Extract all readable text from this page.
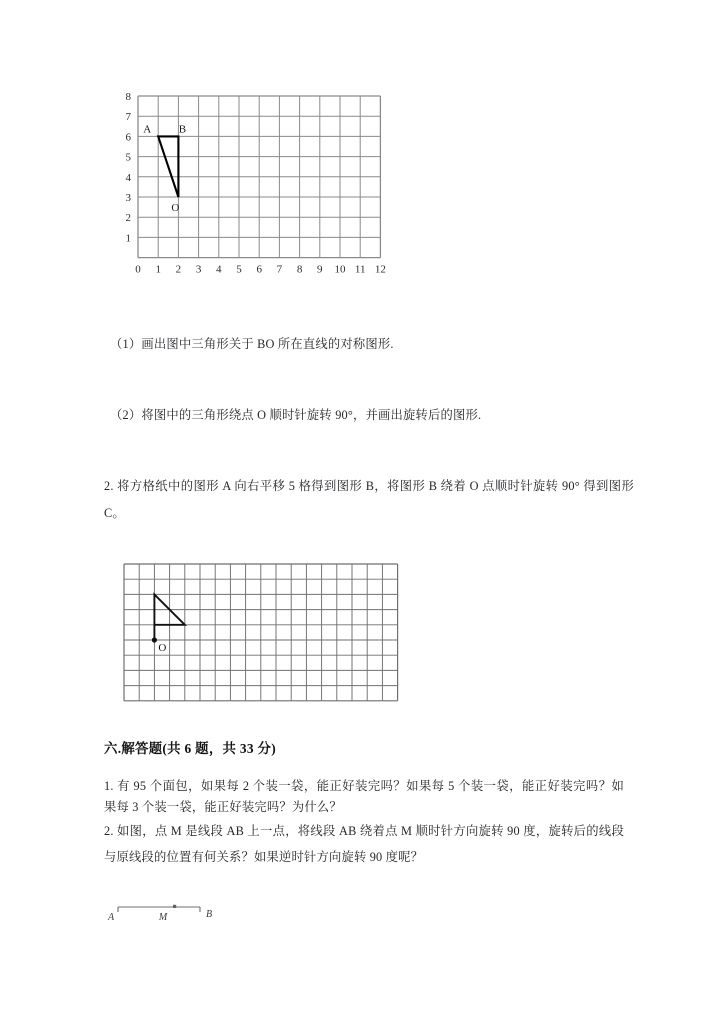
1
2
3
4
5
6
7
8
0 1 2 3 4 5 6 7 8 9 10 11 12
A	B
O
（1）画出图中三角形关于 BO 所在直线的对称图形.
（2）将图中的三角形绕点 O 顺时针旋转 90°，并画出旋转后的图形.
2. 将方格纸中的图形 A 向右平移 5 格得到图形 B，将图形 B 绕着 O 点顺时针旋转 90° 得到图形 C。
O
六.解答题(共 6 题，共 33 分)
1. 有 95 个面包，如果每 2 个装一袋，能正好装完吗？如果每 5 个装一袋，能正好装完吗？如果每 3 个装一袋，能正好装完吗？为什么？
2. 如图，点 M 是线段 AB 上一点，将线段 AB 绕着点 M 顺时针方向旋转 90 度，旋转后的线段与原线段的位置有何关系？如果逆时针方向旋转 90 度呢？
A	M	B
